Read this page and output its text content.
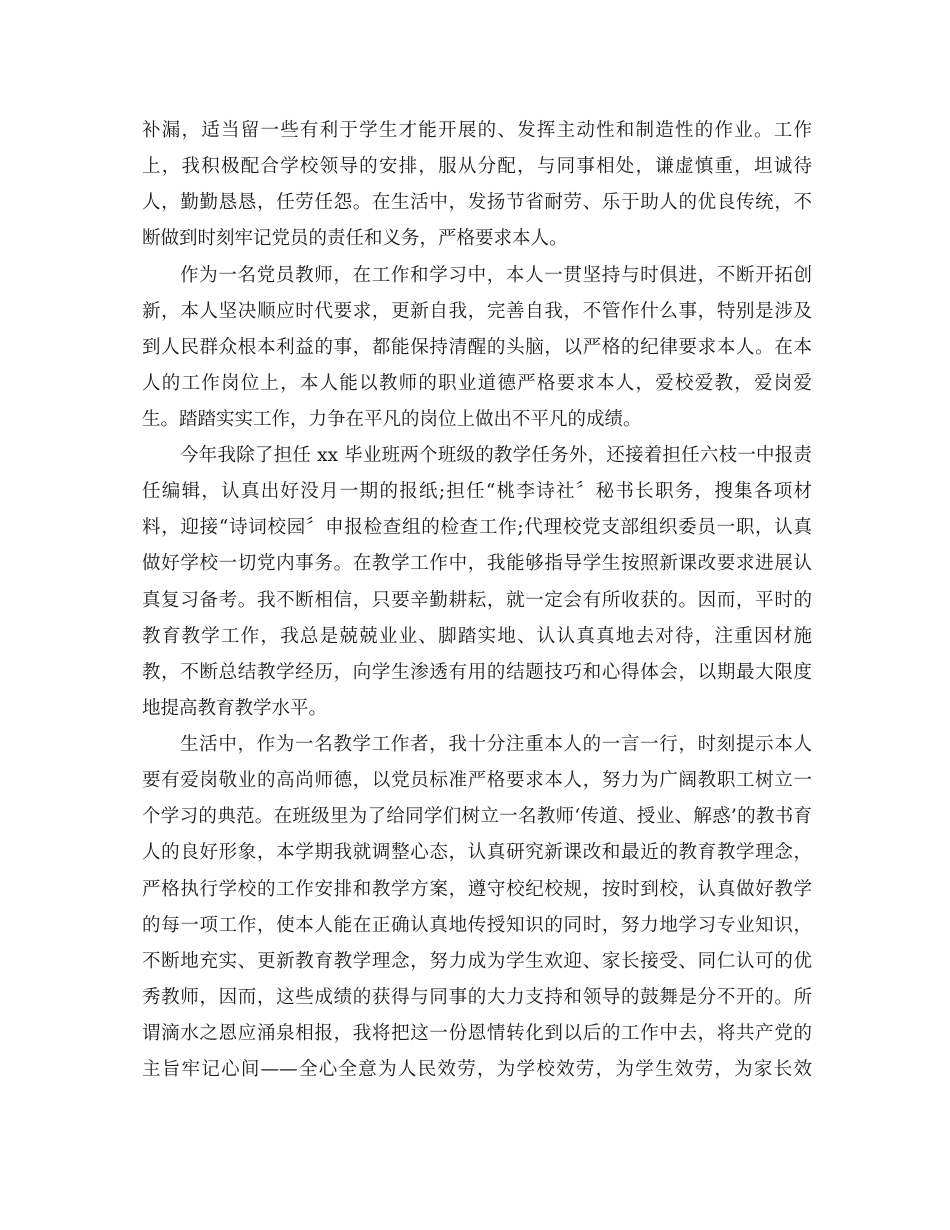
补漏，适当留一些有利于学生才能开展的、发挥主动性和制造性的作业。工作

上，我积极配合学校领导的安排，服从分配，与同事相处，谦虚慎重，坦诚待

人，勤勤恳恳，任劳任怨。在生活中，发扬节省耐劳、乐于助人的优良传统，不

断做到时刻牢记党员的责任和义务，严格要求本人。

作为一名党员教师，在工作和学习中，本人一贯坚持与时俱进，不断开拓创

新，本人坚决顺应时代要求，更新自我，完善自我，不管作什么事，特别是涉及

到人民群众根本利益的事，都能保持清醒的头脑，以严格的纪律要求本人。在本

人的工作岗位上，本人能以教师的职业道德严格要求本人，爱校爱教，爱岗爱

生。踏踏实实工作，力争在平凡的岗位上做出不平凡的成绩。

今年我除了担任 xx 毕业班两个班级的教学任务外，还接着担任六枝一中报责

任编辑，认真出好没月一期的报纸;担任“桃李诗社〞秘书长职务，搜集各项材

料，迎接“诗词校园〞申报检查组的检查工作;代理校党支部组织委员一职，认真

做好学校一切党内事务。在教学工作中，我能够指导学生按照新课改要求进展认

真复习备考。我不断相信，只要辛勤耕耘，就一定会有所收获的。因而，平时的

教育教学工作，我总是兢兢业业、脚踏实地、认认真真地去对待，注重因材施

教，不断总结教学经历，向学生渗透有用的结题技巧和心得体会，以期最大限度

地提高教育教学水平。

生活中，作为一名教学工作者，我十分注重本人的一言一行，时刻提示本人

要有爱岗敬业的高尚师德，以党员标准严格要求本人，努力为广阔教职工树立一

个学习的典范。在班级里为了给同学们树立一名教师‘传道、授业、解惑’的教书育

人的良好形象，本学期我就调整心态，认真研究新课改和最近的教育教学理念，

严格执行学校的工作安排和教学方案，遵守校纪校规，按时到校，认真做好教学

的每一项工作，使本人能在正确认真地传授知识的同时，努力地学习专业知识，

不断地充实、更新教育教学理念，努力成为学生欢迎、家长接受、同仁认可的优

秀教师，因而，这些成绩的获得与同事的大力支持和领导的鼓舞是分不开的。所

谓滴水之恩应涌泉相报，我将把这一份恩情转化到以后的工作中去，将共产党的

主旨牢记心间——全心全意为人民效劳，为学校效劳，为学生效劳，为家长效
